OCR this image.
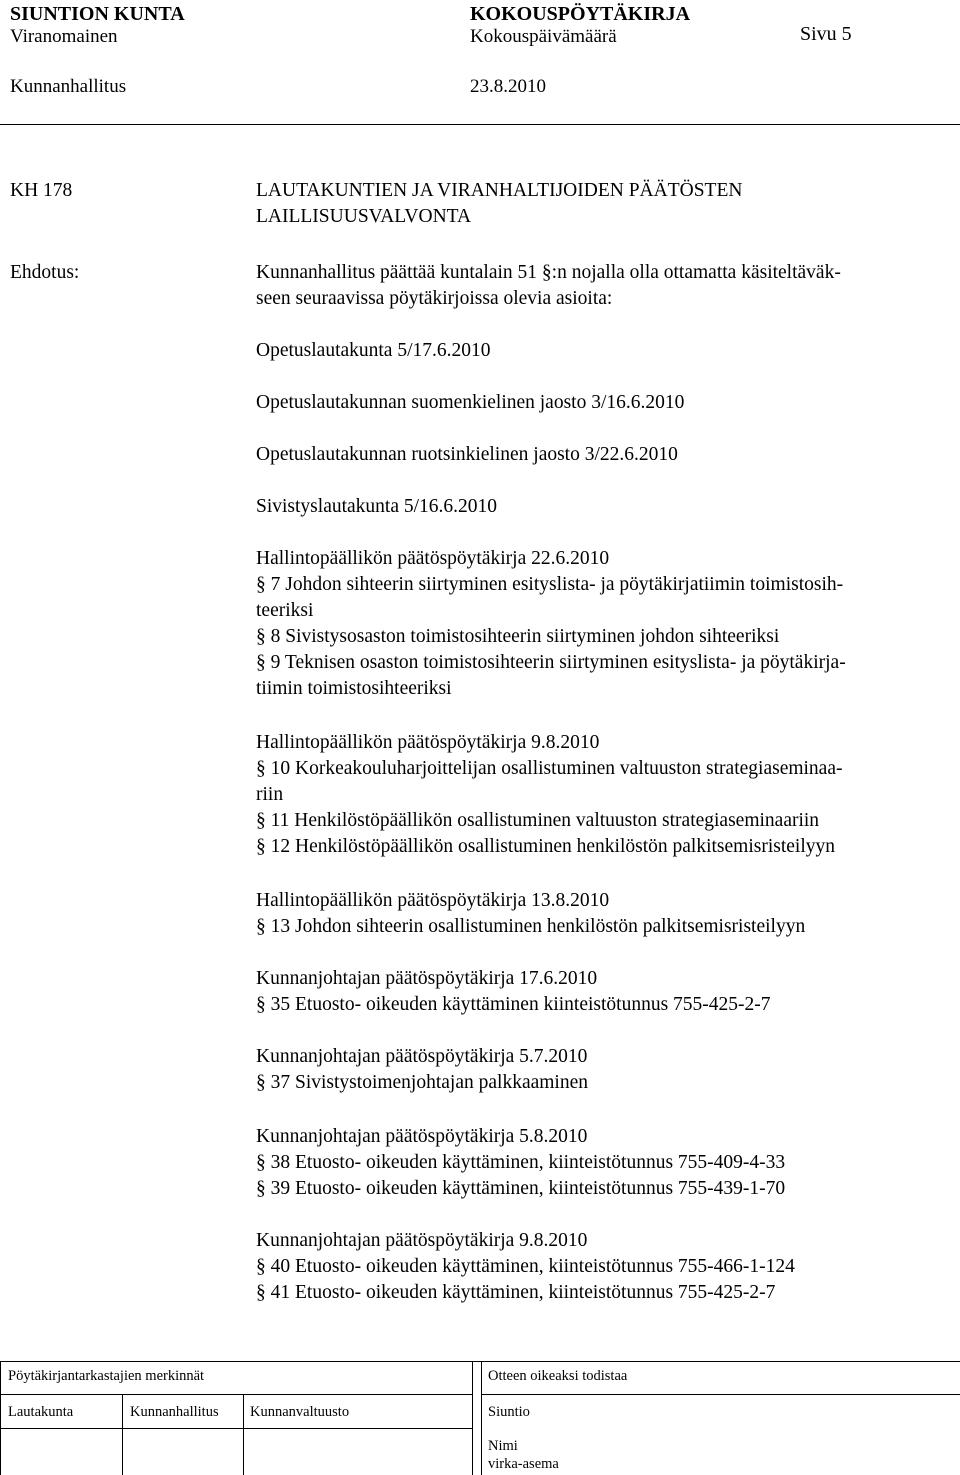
SIUNTION KUNTA	KOKOUSPÖYTÄKIRJA
Viranomainen	Kokouspäivämäärä	Sivu 5
Kunnanhallitus	23.8.2010
KH 178	LAUTAKUNTIEN JA VIRANHALTIJOIDEN PÄÄTÖSTEN
LAILLISUUSVALVONTA
Ehdotus:	Kunnanhallitus päättää kuntalain 51 §:n nojalla olla ottamatta käsiteltäväk-
seen seuraavissa pöytäkirjoissa olevia asioita:
Opetuslautakunta 5/17.6.2010
Opetuslautakunnan suomenkielinen jaosto 3/16.6.2010
Opetuslautakunnan ruotsinkielinen jaosto 3/22.6.2010
Sivistyslautakunta 5/16.6.2010
Hallintopäällikön päätöspöytäkirja 22.6.2010
§ 7 Johdon sihteerin siirtyminen esityslista- ja pöytäkirjatiimin toimistosih-
teeriksi
§ 8 Sivistysosaston toimistosihteerin siirtyminen johdon sihteeriksi
§ 9 Teknisen osaston toimistosihteerin siirtyminen esityslista- ja pöytäkirja-
tiimin toimistosihteeriksi
Hallintopäällikön päätöspöytäkirja 9.8.2010
§ 10 Korkeakouluharjoittelijan osallistuminen valtuuston strategiaseminaa-
riin
§ 11 Henkilöstöpäällikön osallistuminen valtuuston strategiaseminaariin
§ 12 Henkilöstöpäällikön osallistuminen henkilöstön palkitsemisristeilyyn
Hallintopäällikön päätöspöytäkirja 13.8.2010
§ 13 Johdon sihteerin osallistuminen henkilöstön palkitsemisristeilyyn
Kunnanjohtajan päätöspöytäkirja 17.6.2010
§ 35 Etuosto- oikeuden käyttäminen kiinteistötunnus 755-425-2-7
Kunnanjohtajan päätöspöytäkirja 5.7.2010
§ 37 Sivistystoimenjohtajan palkkaaminen
Kunnanjohtajan päätöspöytäkirja 5.8.2010
§ 38 Etuosto- oikeuden käyttäminen, kiinteistötunnus 755-409-4-33
§ 39 Etuosto- oikeuden käyttäminen, kiinteistötunnus 755-439-1-70
Kunnanjohtajan päätöspöytäkirja 9.8.2010
§ 40 Etuosto- oikeuden käyttäminen, kiinteistötunnus 755-466-1-124
§ 41 Etuosto- oikeuden käyttäminen, kiinteistötunnus 755-425-2-7
Pöytäkirjantarkastajien merkinnät	Otteen oikeaksi todistaa
Lautakunta	Kunnanhallitus Kunnanvaltuusto	Siuntio
Nimi
virka-asema
